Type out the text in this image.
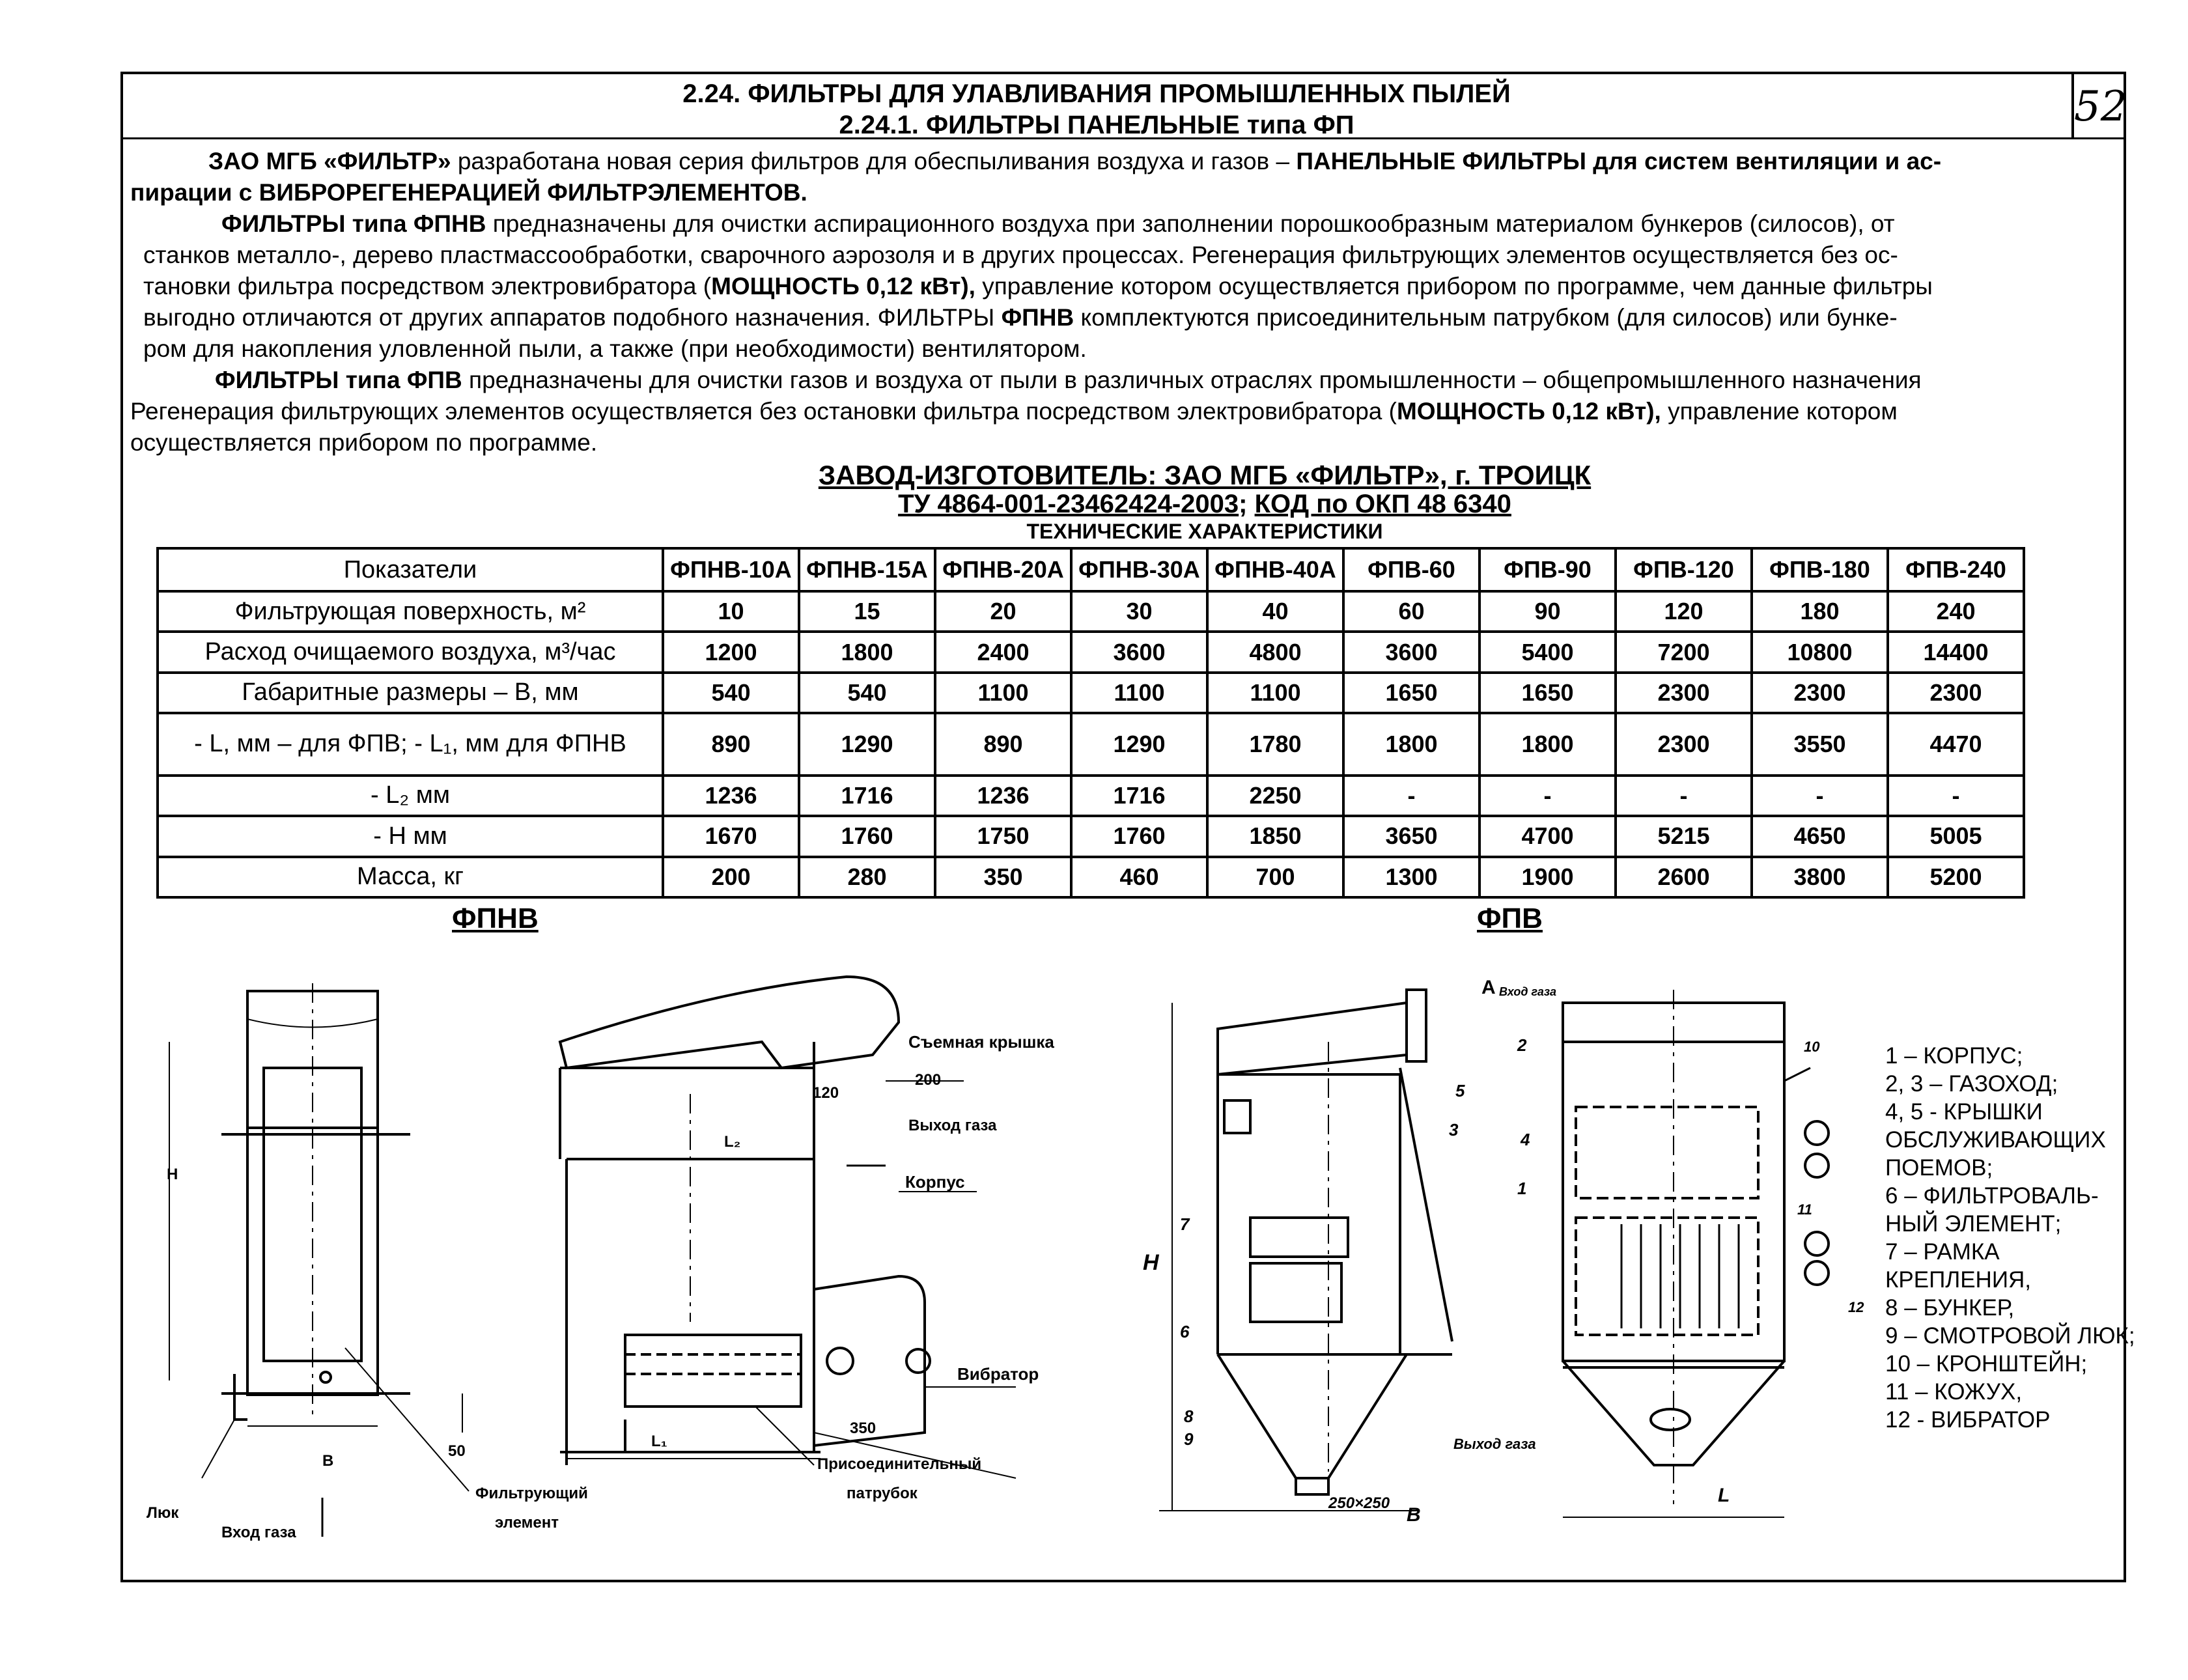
2.24. ФИЛЬТРЫ ДЛЯ УЛАВЛИВАНИЯ ПРОМЫШЛЕННЫХ ПЫЛЕЙ
2.24.1. ФИЛЬТРЫ ПАНЕЛЬНЫЕ типа ФП	52

ЗАО МГБ «ФИЛЬТР» разработана новая серия фильтров для обеспыливания воздуха и газов – ПАНЕЛЬНЫЕ ФИЛЬТРЫ для систем вентиляции и ас-

пирации с ВИБРОРЕГЕНЕРАЦИЕЙ ФИЛЬТРЭЛЕМЕНТОВ.

ФИЛЬТРЫ типа ФПНВ предназначены для очистки аспирационного воздуха при заполнении порошкообразным материалом бункеров (силосов), от

станков металло-, дерево пластмассообработки, сварочного аэрозоля и в других процессах. Регенерация фильтрующих элементов осуществляется без ос-

тановки фильтра посредством электровибратора (МОЩНОСТЬ 0,12 кВт), управление котором осуществляется прибором по программе, чем данные фильтры

выгодно отличаются от других аппаратов подобного назначения. ФИЛЬТРЫ ФПНВ комплектуются присоединительным патрубком (для силосов) или бунке-

ром для накопления уловленной пыли, а также (при необходимости) вентилятором.

ФИЛЬТРЫ типа ФПВ предназначены для очистки газов и воздуха от пыли в различных отраслях промышленности – общепромышленного назначения

Регенерация фильтрующих элементов осуществляется без остановки фильтра посредством электровибратора (МОЩНОСТЬ 0,12 кВт), управление котором

осуществляется прибором по программе.

ЗАВОД-ИЗГОТОВИТЕЛЬ: ЗАО МГБ «ФИЛЬТР», г. ТРОИЦК
ТУ 4864-001-23462424-2003; КОД по ОКП 48 6340
ТЕХНИЧЕСКИЕ ХАРАКТЕРИСТИКИ
Показатели	ФПНВ-10А	ФПНВ-15А	ФПНВ-20А	ФПНВ-30А	ФПНВ-40А	ФПВ-60	ФПВ-90	ФПВ-120	ФПВ-180	ФПВ-240
Фильтрующая поверхность, м²	10	15	20	30	40	60	90	120	180	240
Расход очищаемого воздуха, м³/час	1200	1800	2400	3600	4800	3600	5400	7200	10800	14400
Габаритные размеры – В, мм	540	540	1100	1100	1100	1650	1650	2300	2300	2300
- L, мм – для ФПВ; - L₁, мм для ФПНВ	890	1290	890	1290	1780	1800	1800	2300	3550	4470
- L₂ мм	1236	1716	1236	1716	2250	-	-	-	-	-
- Н мм	1670	1760	1750	1760	1850	3650	4700	5215	4650	5005
Масса, кг	200	280	350	460	700	1300	1900	2600	3800	5200
ФПНВ	ФПВ
Съемная крышка
200
Выход газа
120
L₂
Корпус
Вибратор
350
L₁
Присоединительный
патрубок
Фильтрующий
элемент
Люк
Вход газа
В
50
Н
А Вход газа
Выход газа
250×250
В
L
Н
2
5
3
7
6
8
9
10
4
1
11
12
1 – КОРПУС;
2, 3 – ГАЗОХОД;
4, 5 - КРЫШКИ
ОБСЛУЖИВАЮЩИХ
ПОЕМОВ;
6 – ФИЛЬТРОВАЛЬ-
НЫЙ ЭЛЕМЕНТ;
7 – РАМКА
КРЕПЛЕНИЯ,
8 – БУНКЕР,
9 – СМОТРОВОЙ ЛЮК;
10 – КРОНШТЕЙН;
11 – КОЖУХ,
12 - ВИБРАТОР
